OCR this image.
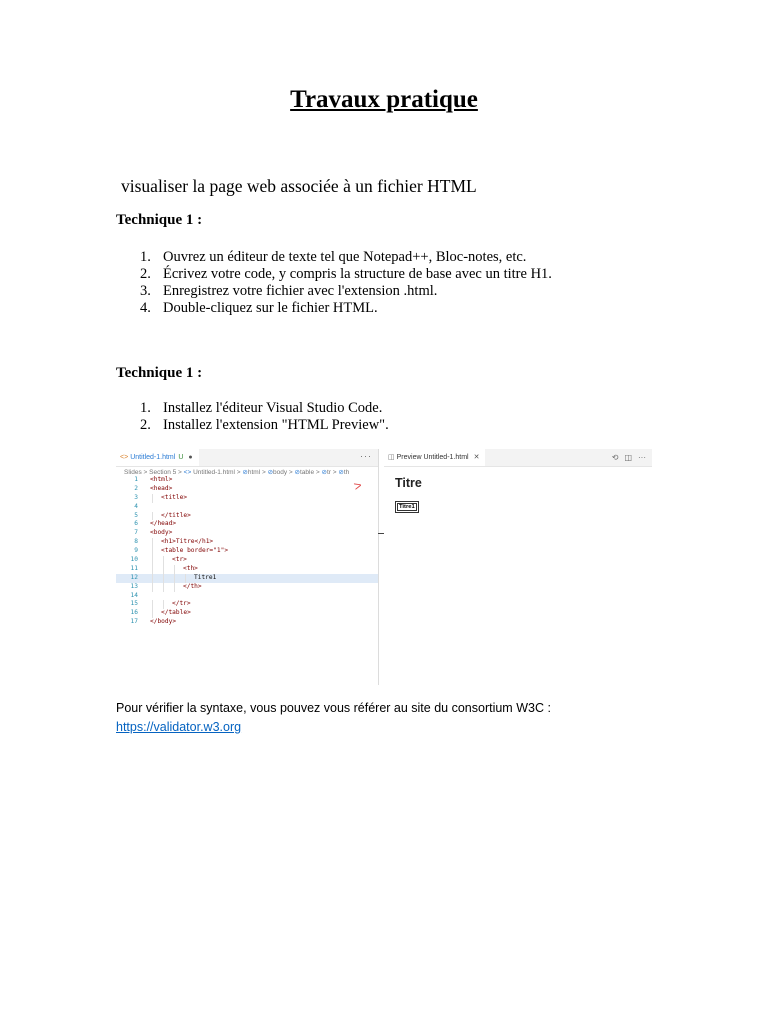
Travaux pratique
visualiser la page web associée à un fichier HTML
Technique 1 :
1. Ouvrez un éditeur de texte tel que Notepad++, Bloc-notes, etc.
2. Écrivez votre code, y compris la structure de base avec un titre H1.
3. Enregistrez votre fichier avec l'extension .html.
4. Double-cliquez sur le fichier HTML.
Technique 1 :
1. Installez l'éditeur Visual Studio Code.
2. Installez l'extension "HTML Preview".
<> Untitled-1.html U ●	···
Slides > Section 5 > <> Untitled-1.html > ⊘html > ⊘body > ⊘table > ⊘tr > ⊘th
1 <html>
2 <head>
3	<title>
4
5	</title>
6 </head>
7 <body>
8	<h1>Titre</h1>
9	<table border="1">
10	<tr>
11	<th>
12	Titre1
13	</th>
14
15	</tr>
16	</table>
17 </body>
>
◫ Preview Untitled-1.html ✕	⟲ ◫ ···
Titre
Titre1
Pour vérifier la syntaxe, vous pouvez vous référer au site du consortium W3C :
https://validator.w3.org
